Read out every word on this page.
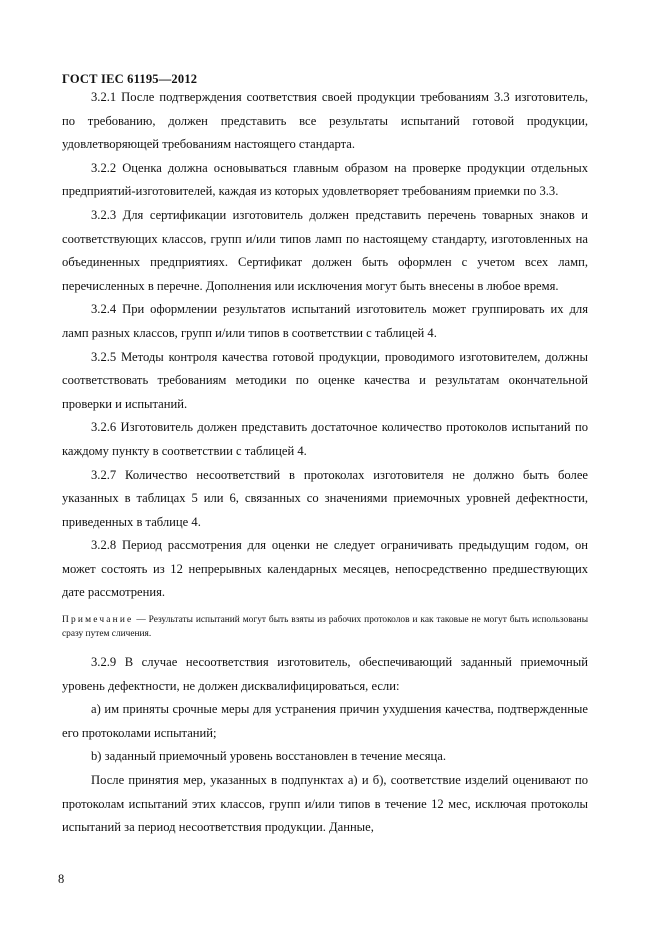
ГОСТ IEC 61195—2012

3.2.1 После подтверждения соответствия своей продукции требованиям 3.3 изготовитель, по требованию, должен представить все результаты испытаний готовой продукции, удовлетворяющей требованиям настоящего стандарта.

3.2.2 Оценка должна основываться главным образом на проверке продукции отдельных предприятий-изготовителей, каждая из которых удовлетворяет требованиям приемки по 3.3.

3.2.3 Для сертификации изготовитель должен представить перечень товарных знаков и соответствующих классов, групп и/или типов ламп по настоящему стандарту, изготовленных на объединенных предприятиях. Сертификат должен быть оформлен с учетом всех ламп, перечисленных в перечне. Дополнения или исключения могут быть внесены в любое время.

3.2.4 При оформлении результатов испытаний изготовитель может группировать их для ламп разных классов, групп и/или типов в соответствии с таблицей 4.

3.2.5 Методы контроля качества готовой продукции, проводимого изготовителем, должны соответствовать требованиям методики по оценке качества и результатам окончательной проверки и испытаний.

3.2.6 Изготовитель должен представить достаточное количество протоколов испытаний по каждому пункту в соответствии с таблицей 4.

3.2.7 Количество несоответствий в протоколах изготовителя не должно быть более указанных в таблицах 5 или 6, связанных со значениями приемочных уровней дефектности, приведенных в таблице 4.

3.2.8 Период рассмотрения для оценки не следует ограничивать предыдущим годом, он может состоять из 12 непрерывных календарных месяцев, непосредственно предшествующих дате рассмотрения.

Примечание — Результаты испытаний могут быть взяты из рабочих протоколов и как таковые не могут быть использованы сразу путем сличения.

3.2.9 В случае несоответствия изготовитель, обеспечивающий заданный приемочный уровень дефектности, не должен дисквалифицироваться, если:

а) им приняты срочные меры для устранения причин ухудшения качества, подтвержденные его протоколами испытаний;

b) заданный приемочный уровень восстановлен в течение месяца.

После принятия мер, указанных в подпунктах а) и б), соответствие изделий оценивают по протоколам испытаний этих классов, групп и/или типов в течение 12 мес, исключая протоколы испытаний за период несоответствия продукции. Данные,

8
